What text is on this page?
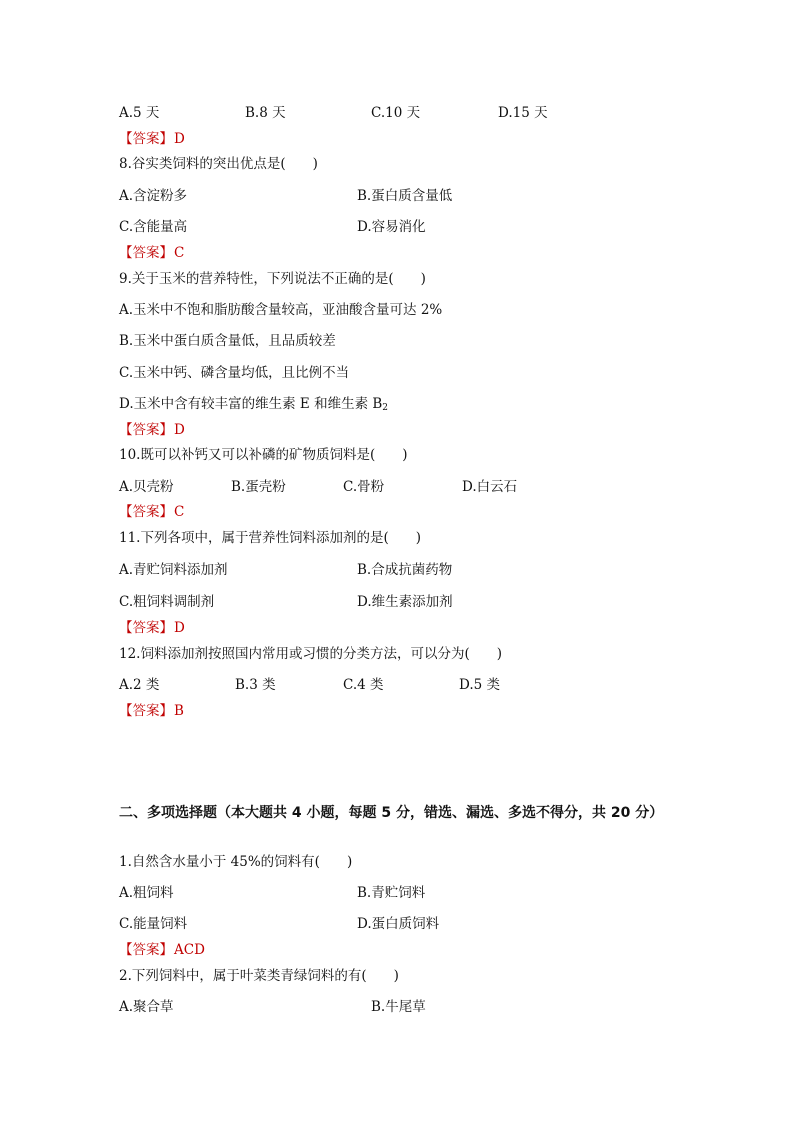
A.5 天	B.8 天	C.10 天	D.15 天
【答案】D
8.谷实类饲料的突出优点是(　　)
A.含淀粉多	B.蛋白质含量低
C.含能量高	D.容易消化
【答案】C
9.关于玉米的营养特性，下列说法不正确的是(　　)
A.玉米中不饱和脂肪酸含量较高，亚油酸含量可达 2%
B.玉米中蛋白质含量低，且品质较差
C.玉米中钙、磷含量均低，且比例不当
D.玉米中含有较丰富的维生素 E 和维生素 $B_2$
【答案】D
10.既可以补钙又可以补磷的矿物质饲料是(　　)
A.贝壳粉	B.蛋壳粉	C.骨粉	D.白云石
【答案】C
11.下列各项中，属于营养性饲料添加剂的是(　　)
A.青贮饲料添加剂	B.合成抗菌药物
C.粗饲料调制剂	D.维生素添加剂
【答案】D
12.饲料添加剂按照国内常用或习惯的分类方法，可以分为(　　)
A.2 类	B.3 类	C.4 类	D.5 类
【答案】B
二、多项选择题（本大题共 4 小题，每题 5 分，错选、漏选、多选不得分，共 20 分）
1.自然含水量小于 45%的饲料有(　　)
A.粗饲料	B.青贮饲料
C.能量饲料	D.蛋白质饲料
【答案】ACD
2.下列饲料中，属于叶菜类青绿饲料的有(　　)
A.聚合草	B.牛尾草
